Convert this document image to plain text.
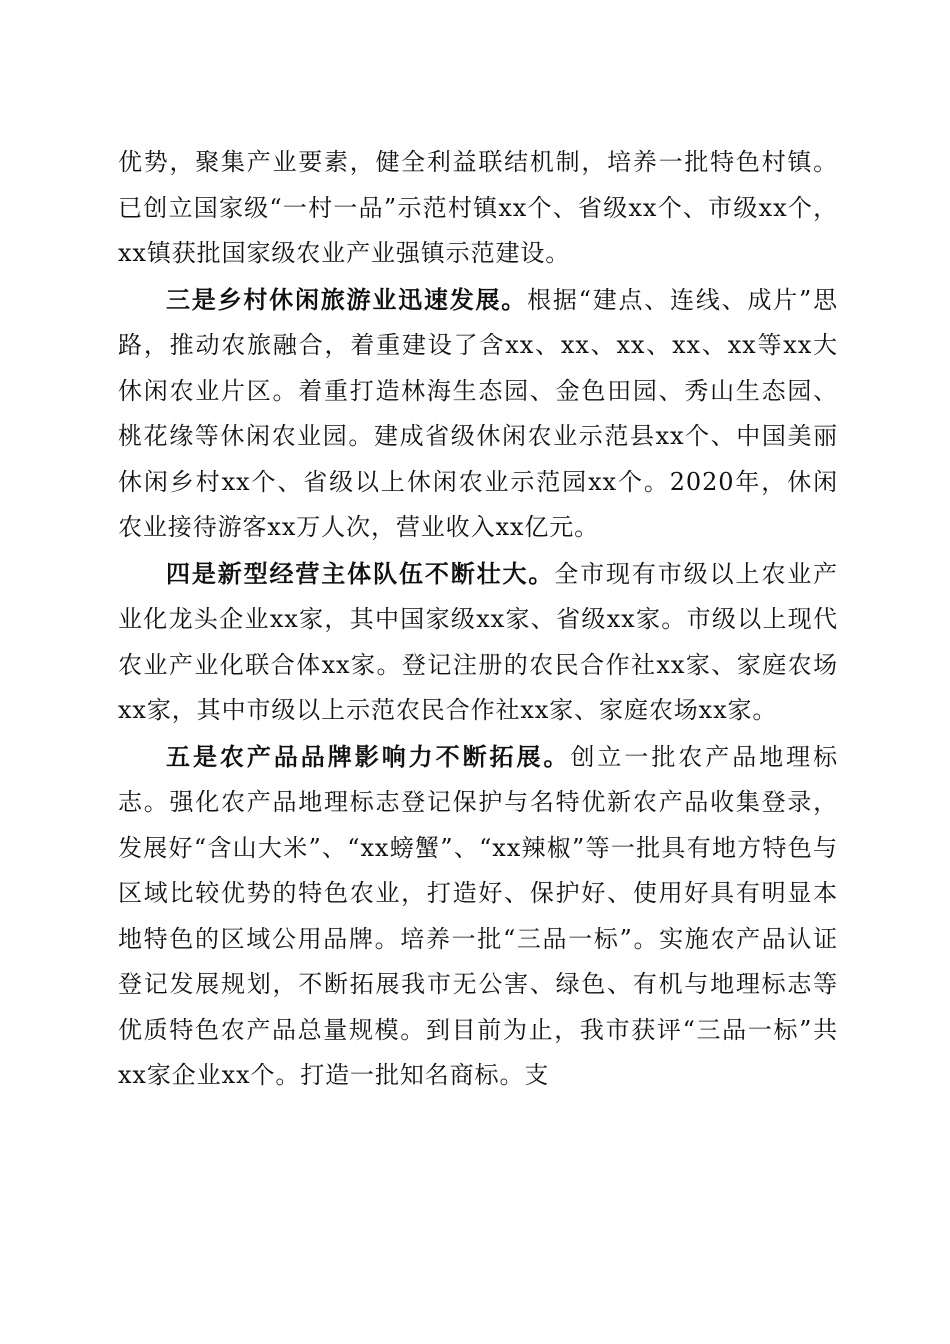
优势，聚集产业要素，健全利益联结机制，培养一批特色村镇。已创立国家级“一村一品”示范村镇xx个、省级xx个、市级xx个，xx镇获批国家级农业产业强镇示范建设。

三是乡村休闲旅游业迅速发展。根据“建点、连线、成片”思路，推动农旅融合，着重建设了含xx、xx、xx、xx、xx等xx大休闲农业片区。着重打造林海生态园、金色田园、秀山生态园、桃花缘等休闲农业园。建成省级休闲农业示范县xx个、中国美丽休闲乡村xx个、省级以上休闲农业示范园xx个。2020年，休闲农业接待游客xx万人次，营业收入xx亿元。

四是新型经营主体队伍不断壮大。全市现有市级以上农业产业化龙头企业xx家，其中国家级xx家、省级xx家。市级以上现代农业产业化联合体xx家。登记注册的农民合作社xx家、家庭农场xx家，其中市级以上示范农民合作社xx家、家庭农场xx家。

五是农产品品牌影响力不断拓展。创立一批农产品地理标志。强化农产品地理标志登记保护与名特优新农产品收集登录，发展好“含山大米”、“xx螃蟹”、“xx辣椒”等一批具有地方特色与区域比较优势的特色农业，打造好、保护好、使用好具有明显本地特色的区域公用品牌。培养一批“三品一标”。实施农产品认证登记发展规划，不断拓展我市无公害、绿色、有机与地理标志等优质特色农产品总量规模。到目前为止，我市获评“三品一标”共xx家企业xx个。打造一批知名商标。支
